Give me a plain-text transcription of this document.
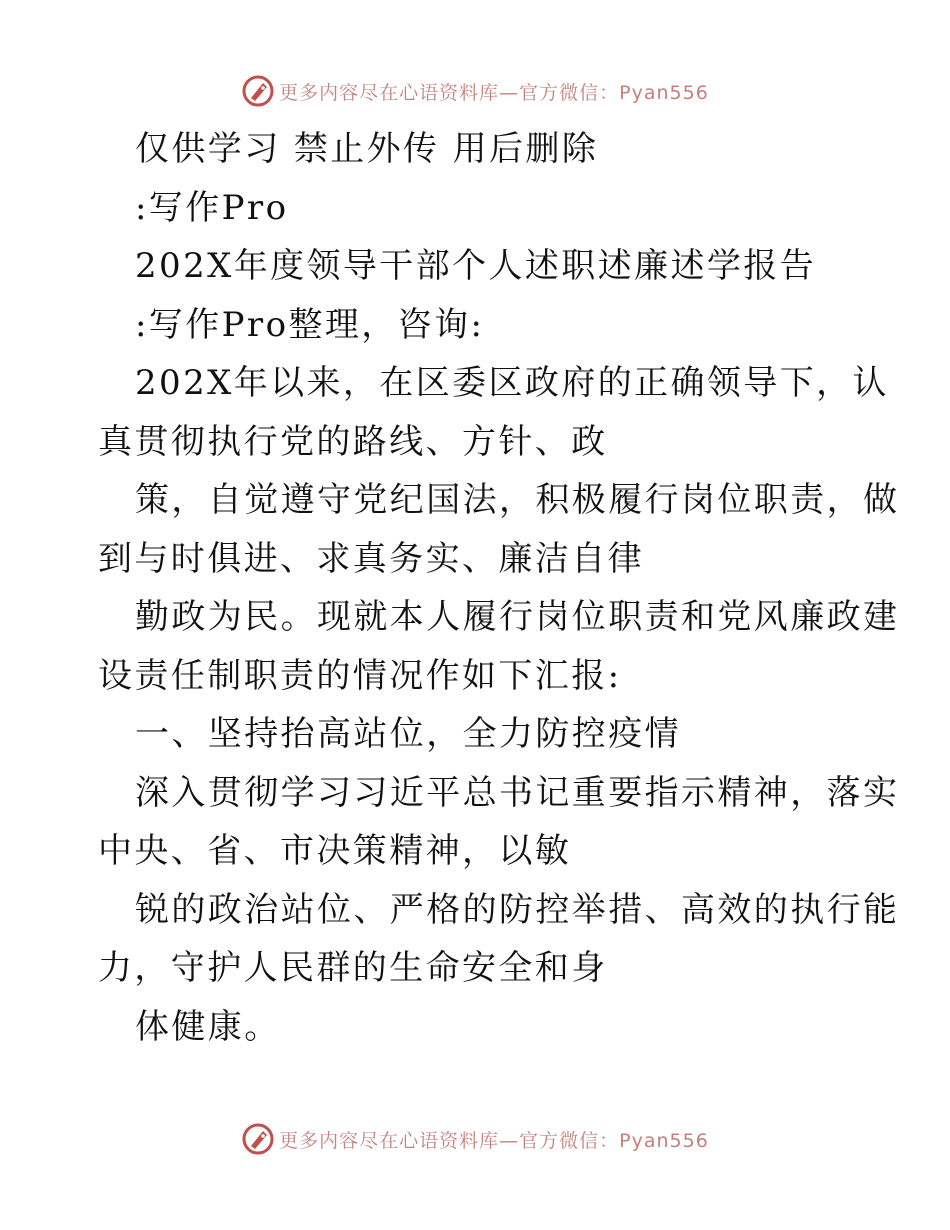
更多内容尽在心语资料库—官方微信：Pyan556

仅供学习 禁止外传 用后删除

:写作Pro

202X年度领导干部个人述职述廉述学报告

:写作Pro整理，咨询:

202X年以来，在区委区政府的正确领导下，认

真贯彻执行党的路线、方针、政

策，自觉遵守党纪国法，积极履行岗位职责，做

到与时俱进、求真务实、廉洁自律

勤政为民。现就本人履行岗位职责和党风廉政建

设责任制职责的情况作如下汇报:

一、坚持抬高站位，全力防控疫情

深入贯彻学习习近平总书记重要指示精神，落实

中央、省、市决策精神，以敏

锐的政治站位、严格的防控举措、高效的执行能

力，守护人民群的生命安全和身

体健康。

更多内容尽在心语资料库—官方微信：Pyan556
